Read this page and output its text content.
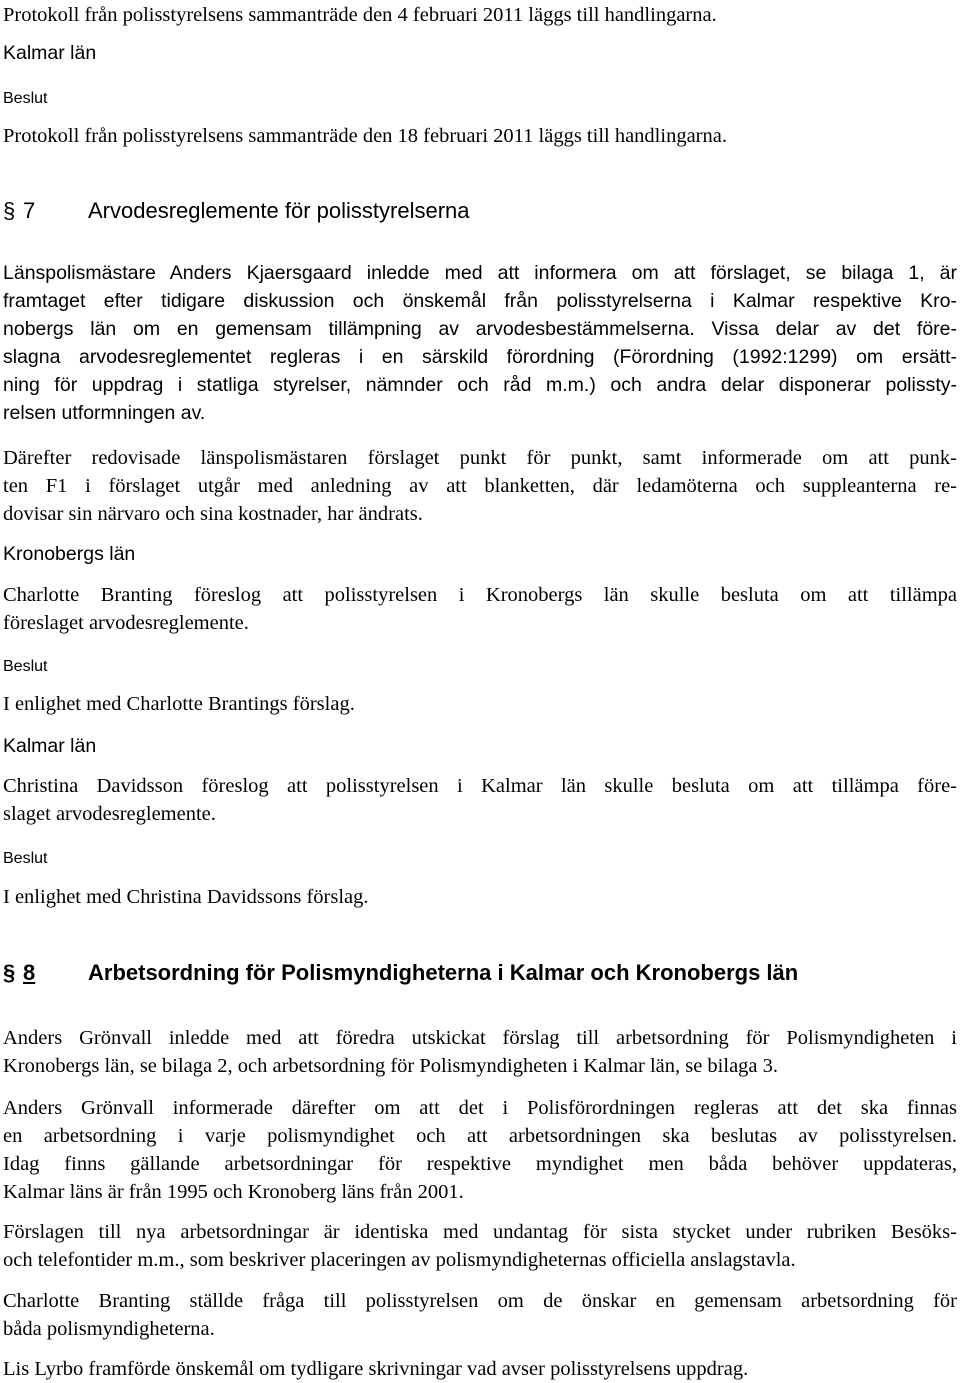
Protokoll från polisstyrelsens sammanträde den 4 februari 2011 läggs till handlingarna.
Kalmar län
Beslut
Protokoll från polisstyrelsens sammanträde den 18 februari 2011 läggs till handlingarna.
§ 7 Arvodesreglemente för polisstyrelserna
Länspolismästare Anders Kjaersgaard inledde med att informera om att förslaget, se bilaga 1, är
framtaget efter tidigare diskussion och önskemål från polisstyrelserna i Kalmar respektive Kro-
nobergs län om en gemensam tillämpning av arvodesbestämmelserna. Vissa delar av det före-
slagna arvodesreglementet regleras i en särskild förordning (Förordning (1992:1299) om ersätt-
ning för uppdrag i statliga styrelser, nämnder och råd m.m.) och andra delar disponerar polissty-
relsen utformningen av.
Därefter redovisade länspolismästaren förslaget punkt för punkt, samt informerade om att punk-
ten F1 i förslaget utgår med anledning av att blanketten, där ledamöterna och suppleanterna re-
dovisar sin närvaro och sina kostnader, har ändrats.
Kronobergs län
Charlotte Branting föreslog att polisstyrelsen i Kronobergs län skulle besluta om att tillämpa
föreslaget arvodesreglemente.
Beslut
I enlighet med Charlotte Brantings förslag.
Kalmar län
Christina Davidsson föreslog att polisstyrelsen i Kalmar län skulle besluta om att tillämpa före-
slaget arvodesreglemente.
Beslut
I enlighet med Christina Davidssons förslag.
§ 8 Arbetsordning för Polismyndigheterna i Kalmar och Kronobergs län
Anders Grönvall inledde med att föredra utskickat förslag till arbetsordning för Polismyndigheten i
Kronobergs län, se bilaga 2, och arbetsordning för Polismyndigheten i Kalmar län, se bilaga 3.
Anders Grönvall informerade därefter om att det i Polisförordningen regleras att det ska finnas
en arbetsordning i varje polismyndighet och att arbetsordningen ska beslutas av polisstyrelsen.
Idag finns gällande arbetsordningar för respektive myndighet men båda behöver uppdateras,
Kalmar läns är från 1995 och Kronoberg läns från 2001.
Förslagen till nya arbetsordningar är identiska med undantag för sista stycket under rubriken Besöks-
och telefontider m.m., som beskriver placeringen av polismyndigheternas officiella anslagstavla.
Charlotte Branting ställde fråga till polisstyrelsen om de önskar en gemensam arbetsordning för
båda polismyndigheterna.
Lis Lyrbo framförde önskemål om tydligare skrivningar vad avser polisstyrelsens uppdrag.
